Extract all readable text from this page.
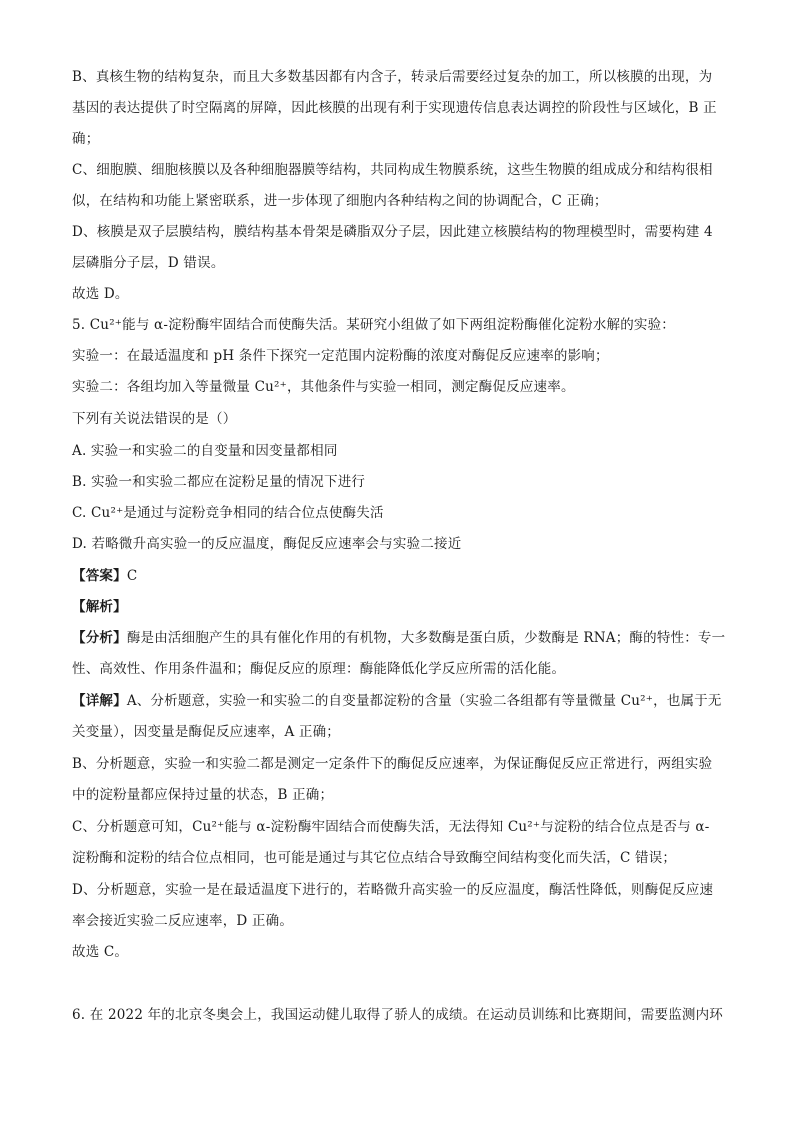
B、真核生物的结构复杂，而且大多数基因都有内含子，转录后需要经过复杂的加工，所以核膜的出现，为
基因的表达提供了时空隔离的屏障，因此核膜的出现有利于实现遗传信息表达调控的阶段性与区域化，B 正
确；
C、细胞膜、细胞核膜以及各种细胞器膜等结构，共同构成生物膜系统，这些生物膜的组成成分和结构很相
似，在结构和功能上紧密联系，进一步体现了细胞内各种结构之间的协调配合，C 正确；
D、核膜是双子层膜结构，膜结构基本骨架是磷脂双分子层，因此建立核膜结构的物理模型时，需要构建 4
层磷脂分子层，D 错误。
故选 D。
5. Cu²⁺能与 α-淀粉酶牢固结合而使酶失活。某研究小组做了如下两组淀粉酶催化淀粉水解的实验：
实验一：在最适温度和 pH 条件下探究一定范围内淀粉酶的浓度对酶促反应速率的影响；
实验二：各组均加入等量微量 Cu²⁺，其他条件与实验一相同，测定酶促反应速率。
下列有关说法错误的是（）
A. 实验一和实验二的自变量和因变量都相同
B. 实验一和实验二都应在淀粉足量的情况下进行
C. Cu²⁺是通过与淀粉竞争相同的结合位点使酶失活
D. 若略微升高实验一的反应温度，酶促反应速率会与实验二接近
【答案】C
【解析】
【分析】酶是由活细胞产生的具有催化作用的有机物，大多数酶是蛋白质，少数酶是 RNA；酶的特性：专一
性、高效性、作用条件温和；酶促反应的原理：酶能降低化学反应所需的活化能。
【详解】A、分析题意，实验一和实验二的自变量都淀粉的含量（实验二各组都有等量微量 Cu²⁺，也属于无
关变量），因变量是酶促反应速率，A 正确；
B、分析题意，实验一和实验二都是测定一定条件下的酶促反应速率，为保证酶促反应正常进行，两组实验
中的淀粉量都应保持过量的状态，B 正确；
C、分析题意可知，Cu²⁺能与 α-淀粉酶牢固结合而使酶失活，无法得知 Cu²⁺与淀粉的结合位点是否与 α-
淀粉酶和淀粉的结合位点相同，也可能是通过与其它位点结合导致酶空间结构变化而失活，C 错误；
D、分析题意，实验一是在最适温度下进行的，若略微升高实验一的反应温度，酶活性降低，则酶促反应速
率会接近实验二反应速率，D 正确。
故选 C。
6. 在 2022 年的北京冬奥会上，我国运动健儿取得了骄人的成绩。在运动员训练和比赛期间，需要监测内环
